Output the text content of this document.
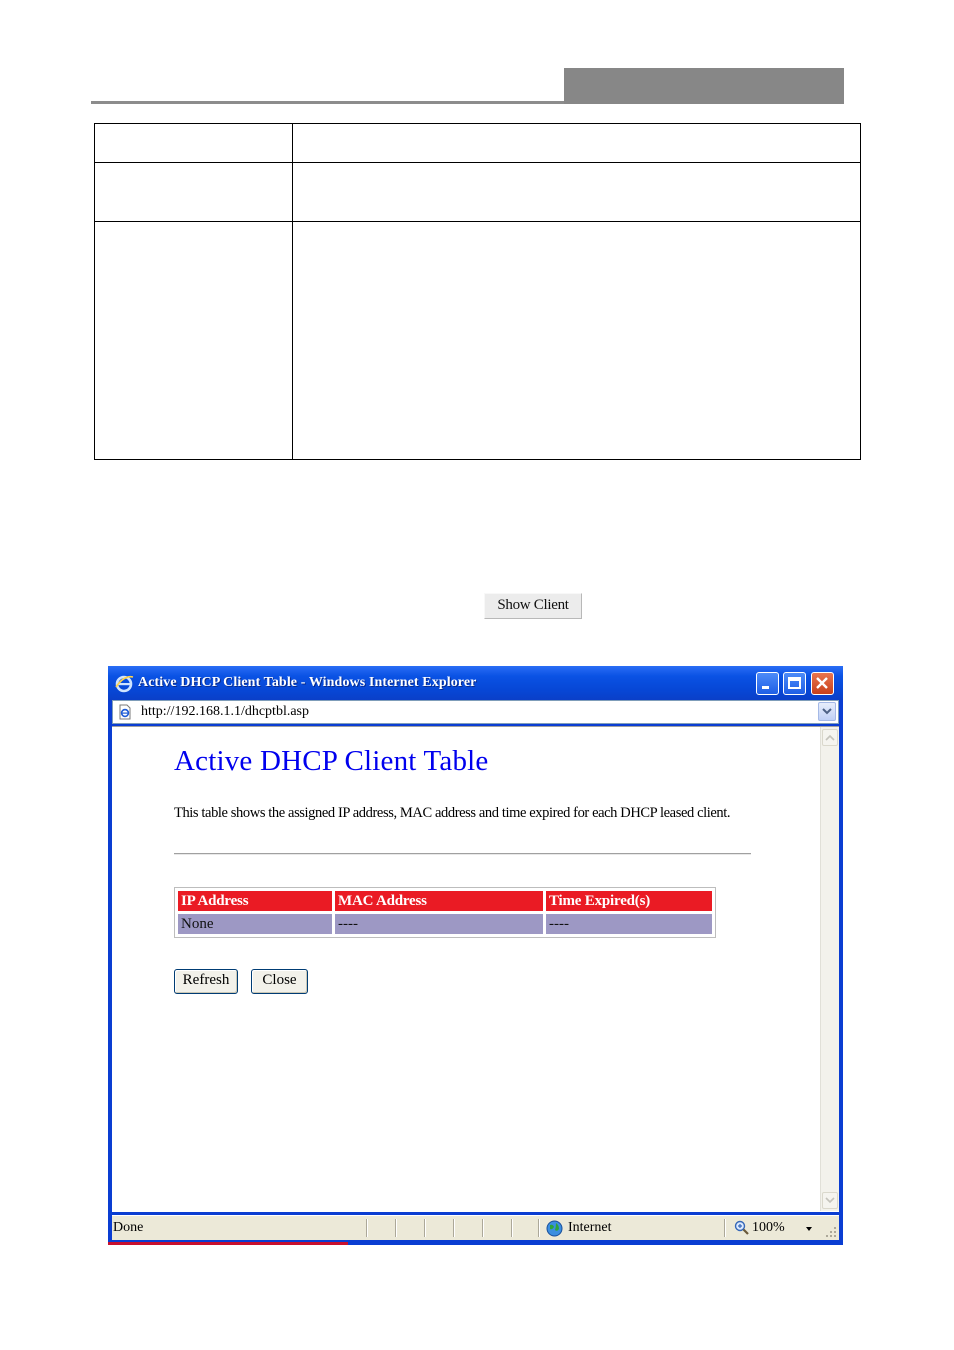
Show Client
Active DHCP Client Table - Windows Internet Explorer
http://192.168.1.1/dhcptbl.asp
Active DHCP Client Table
This table shows the assigned IP address, MAC address and time expired for each DHCP leased client.
IP Address	MAC Address	Time Expired(s)
None	----	----
Refresh	Close
Done	Internet	100%
